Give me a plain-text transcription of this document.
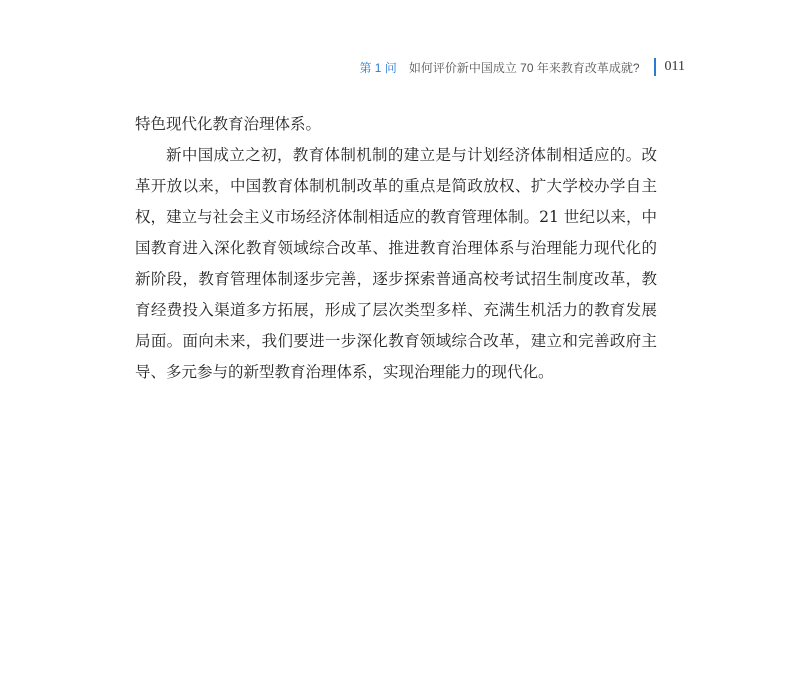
第 1 问 如何评价新中国成立 70 年来教育改革成就? 011

特色现代化教育治理体系。

新中国成立之初，教育体制机制的建立是与计划经济体制相适应的。改革开放以来，中国教育体制机制改革的重点是简政放权、扩大学校办学自主权，建立与社会主义市场经济体制相适应的教育管理体制。21 世纪以来，中国教育进入深化教育领域综合改革、推进教育治理体系与治理能力现代化的新阶段，教育管理体制逐步完善，逐步探索普通高校考试招生制度改革，教育经费投入渠道多方拓展，形成了层次类型多样、充满生机活力的教育发展局面。面向未来，我们要进一步深化教育领域综合改革，建立和完善政府主导、多元参与的新型教育治理体系，实现治理能力的现代化。
